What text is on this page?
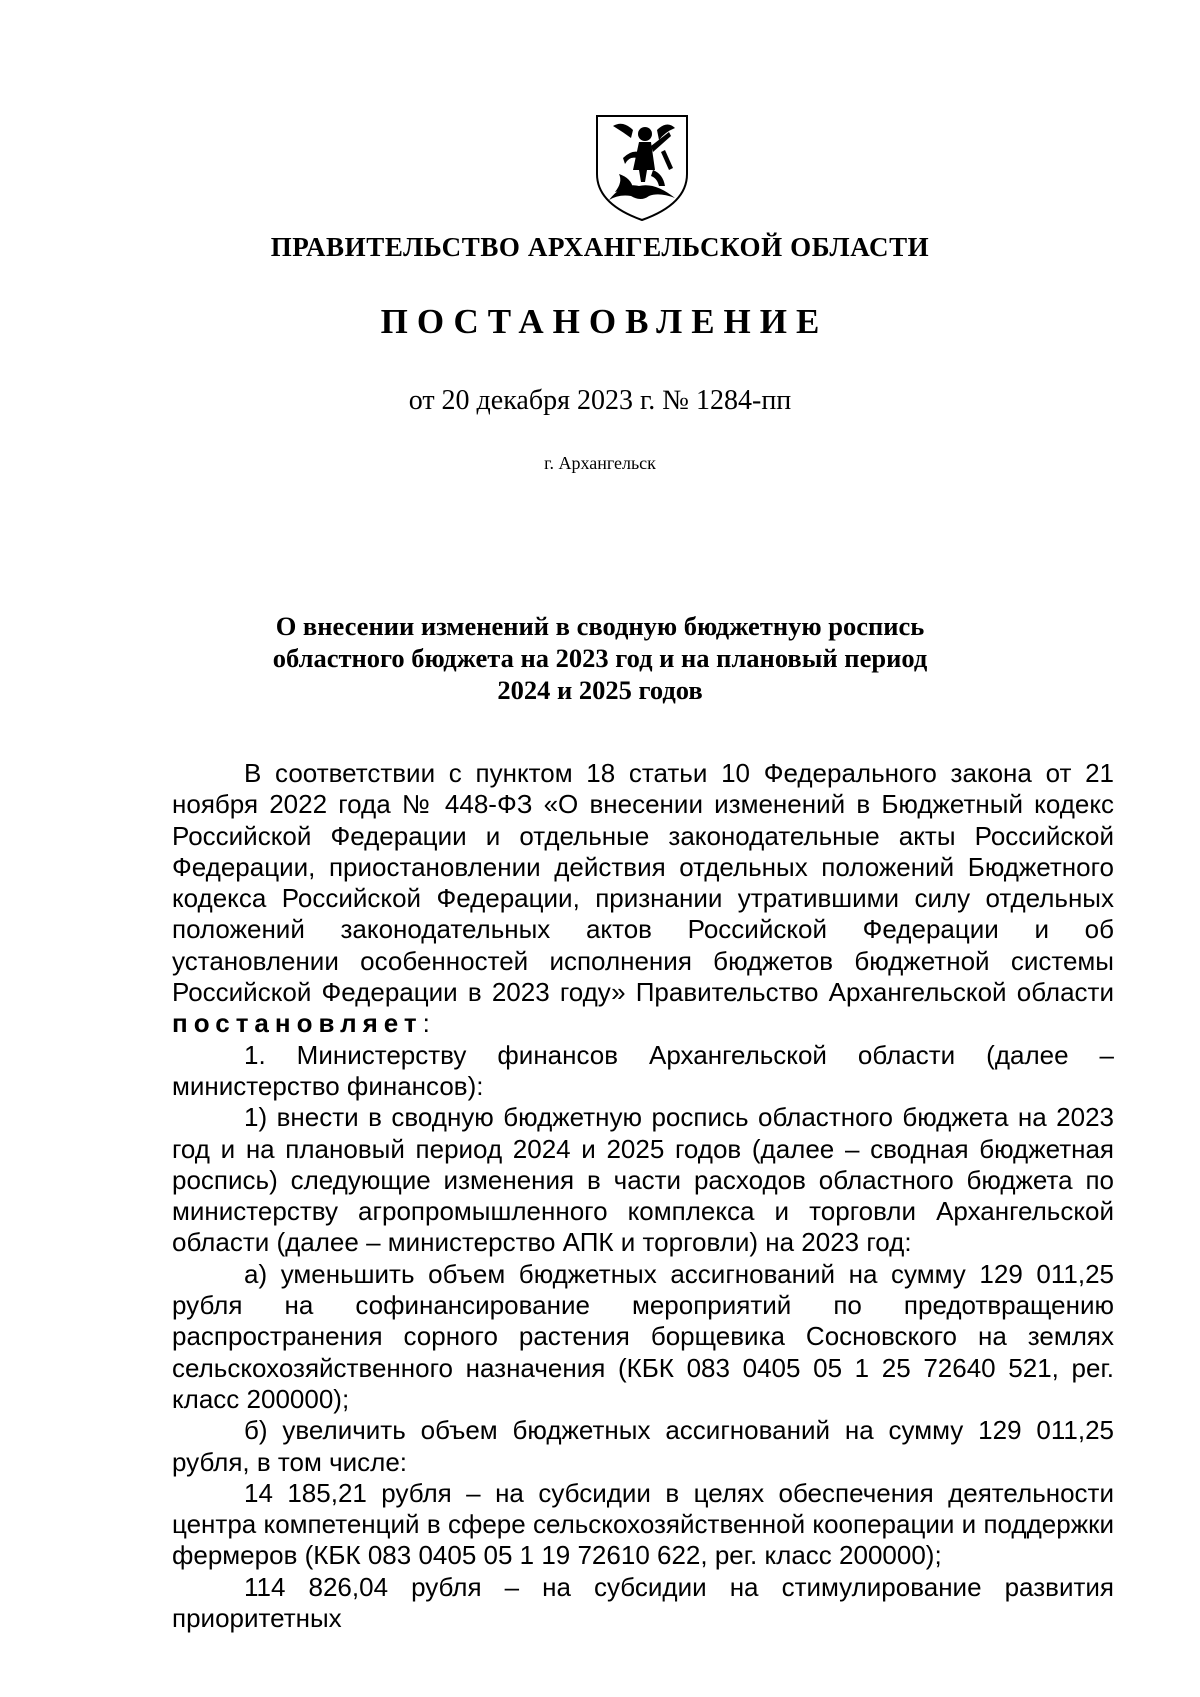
ПРАВИТЕЛЬСТВО АРХАНГЕЛЬСКОЙ ОБЛАСТИ
ПОСТАНОВЛЕНИЕ
от 20 декабря 2023 г. № 1284-пп
г. Архангельск
О внесении изменений в сводную бюджетную роспись
областного бюджета на 2023 год и на плановый период
2024 и 2025 годов

В соответствии с пунктом 18 статьи 10 Федерального закона от 21 ноября 2022 года № 448-ФЗ «О внесении изменений в Бюджетный кодекс Российской Федерации и отдельные законодательные акты Российской Федерации, приостановлении действия отдельных положений Бюджетного кодекса Российской Федерации, признании утратившими силу отдельных положений законодательных актов Российской Федерации и об установлении особенностей исполнения бюджетов бюджетной системы Российской Федерации в 2023 году» Правительство Архангельской области постановляет:

1. Министерству финансов Архангельской области (далее – министерство финансов):

1) внести в сводную бюджетную роспись областного бюджета на 2023 год и на плановый период 2024 и 2025 годов (далее – сводная бюджетная роспись) следующие изменения в части расходов областного бюджета по министерству агропромышленного комплекса и торговли Архангельской области (далее – министерство АПК и торговли) на 2023 год:

а) уменьшить объем бюджетных ассигнований на сумму 129 011,25 рубля на софинансирование мероприятий по предотвращению распространения сорного растения борщевика Сосновского на землях сельскохозяйственного назначения (КБК 083 0405 05 1 25 72640 521, рег. класс 200000);

б) увеличить объем бюджетных ассигнований на сумму 129 011,25 рубля, в том числе:

14 185,21 рубля – на субсидии в целях обеспечения деятельности центра компетенций в сфере сельскохозяйственной кооперации и поддержки фермеров (КБК 083 0405 05 1 19 72610 622, рег. класс 200000);

114 826,04 рубля – на субсидии на стимулирование развития приоритетных
